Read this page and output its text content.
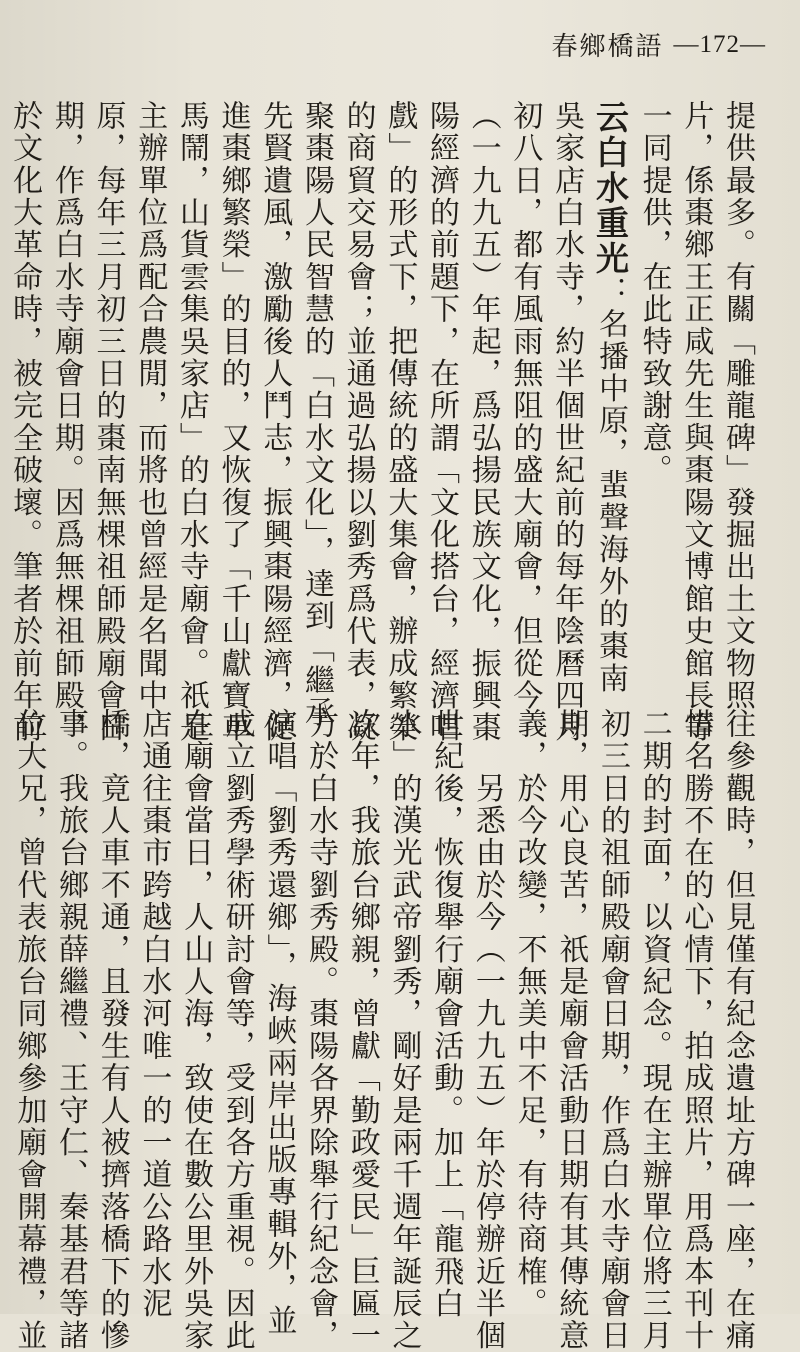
春鄉橋語 —172—
提供最多。有關「雕龍碑」發掘出土文物照
片，係棗鄉王正咸先生與棗陽文博館史館長等
一同提供，在此特致謝意。
云白水重光：名播中原，蜚聲海外的棗南
吳家店白水寺，約半個世紀前的每年陰曆四月
初八日，都有風雨無阻的盛大廟會，但從今
（一九九五）年起，爲弘揚民族文化，振興棗
陽經濟的前題下，在所謂「文化搭台，經濟唱
戲」的形式下，把傳統的盛大集會，辦成繁榮
的商貿交易會；並通過弘揚以劉秀爲代表，凝
聚棗陽人民智慧的「白水文化」，達到「繼承
先賢遺風，激勵後人鬥志，振興棗陽經濟，促
進棗鄉繁榮」的目的，又恢復了「千山獻寶車
馬鬧，山貨雲集吳家店」的白水寺廟會。祇是
主辦單位爲配合農閒，而將也曾經是名聞中
原，每年三月初三日的棗南無棵祖師殿廟會日
期，作爲白水寺廟會日期。因爲無棵祖師殿，
於文化大革命時，被完全破壞。筆者於前年前
往參觀時，但見僅有紀念遺址方碑一座，在痛
惜名勝不在的心情下，拍成照片，用爲本刊十
二期的封面，以資紀念。現在主辦單位將三月
初三日的祖師殿廟會日期，作爲白水寺廟會日
期，用心良苦，祇是廟會活動日期有其傳統意
義，於今改變，不無美中不足，有待商榷。
　　另悉由於今（一九九五）年於停辦近半個
世紀後，恢復舉行廟會活動。加上「龍飛白
水」的漢光武帝劉秀，剛好是兩千週年誕辰之
次年，我旅台鄉親，曾獻「勤政愛民」巨匾一
方於白水寺劉秀殿。棗陽各界除舉行紀念會，
演唱「劉秀還鄉」，海峽兩岸出版專輯外，並
成立劉秀學術研討會等，受到各方重視。因此
在廟會當日，人山人海，致使在數公里外吳家
店通往棗市跨越白水河唯一的一道公路水泥
橋，竟人車不通，且發生有人被擠落橋下的慘
事。我旅台鄉親薛繼禮、王守仁、秦基君等諸
位大兄，曾代表旅台同鄉參加廟會開幕禮，並
